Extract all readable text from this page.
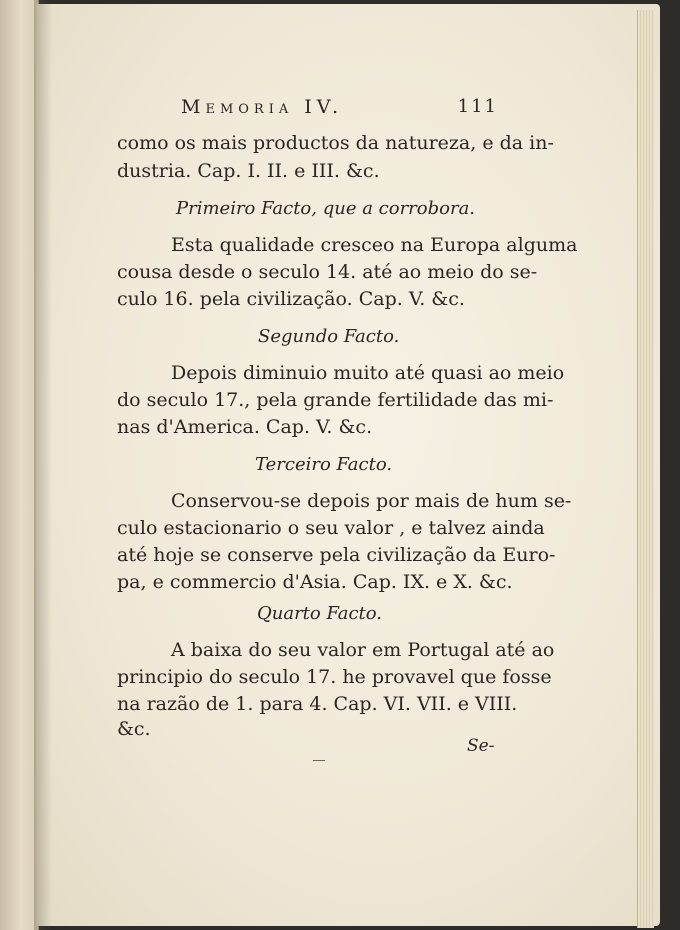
Memoria IV.	111
como os mais productos da natureza, e da in-
dustria. Cap. I. II. e III. &c.
Primeiro Facto, que a corrobora.
Esta qualidade cresceo na Europa alguma
cousa desde o seculo 14. até ao meio do se-
culo 16. pela civilização. Cap. V. &c.
Segundo Facto.
Depois diminuio muito até quasi ao meio
do seculo 17., pela grande fertilidade das mi-
nas d'America. Cap. V. &c.
Terceiro Facto.
Conservou-se depois por mais de hum se-
culo estacionario o seu valor , e talvez ainda
até hoje se conserve pela civilização da Euro-
pa, e commercio d'Asia. Cap. IX. e X. &c.
Quarto Facto.
A baixa do seu valor em Portugal até ao
principio do seculo 17. he provavel que fosse
na razão de 1. para 4. Cap. VI. VII. e VIII.
&c.
Se-
